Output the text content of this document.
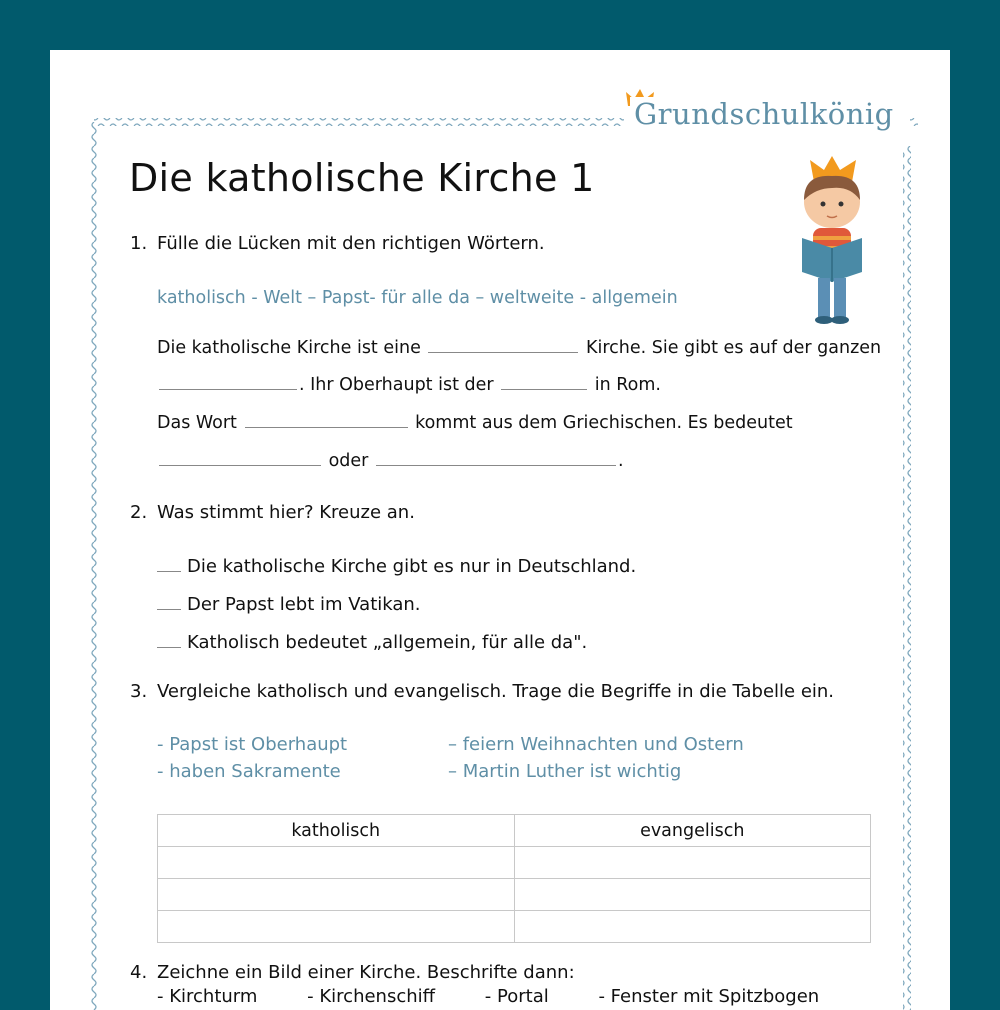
Grundschulkönig
Die katholische Kirche 1
1. Fülle die Lücken mit den richtigen Wörtern.
katholisch - Welt – Papst- für alle da – weltweite - allgemein
Die katholische Kirche ist eine	Kirche. Sie gibt es auf der ganzen
. Ihr Oberhaupt ist der	in Rom.
Das Wort	kommt aus dem Griechischen. Es bedeutet
oder	.
2. Was stimmt hier? Kreuze an.
Die katholische Kirche gibt es nur in Deutschland.
Der Papst lebt im Vatikan.
Katholisch bedeutet „allgemein, für alle da".
3. Vergleiche katholisch und evangelisch. Trage die Begriffe in die Tabelle ein.
- Papst ist Oberhaupt
- haben Sakramente
– feiern Weihnachten und Ostern
– Martin Luther ist wichtig
katholisch	evangelisch

4. Zeichne ein Bild einer Kirche. Beschrifte dann:
- Kirchturm	- Kirchenschiff	- Portal	- Fenster mit Spitzbogen
